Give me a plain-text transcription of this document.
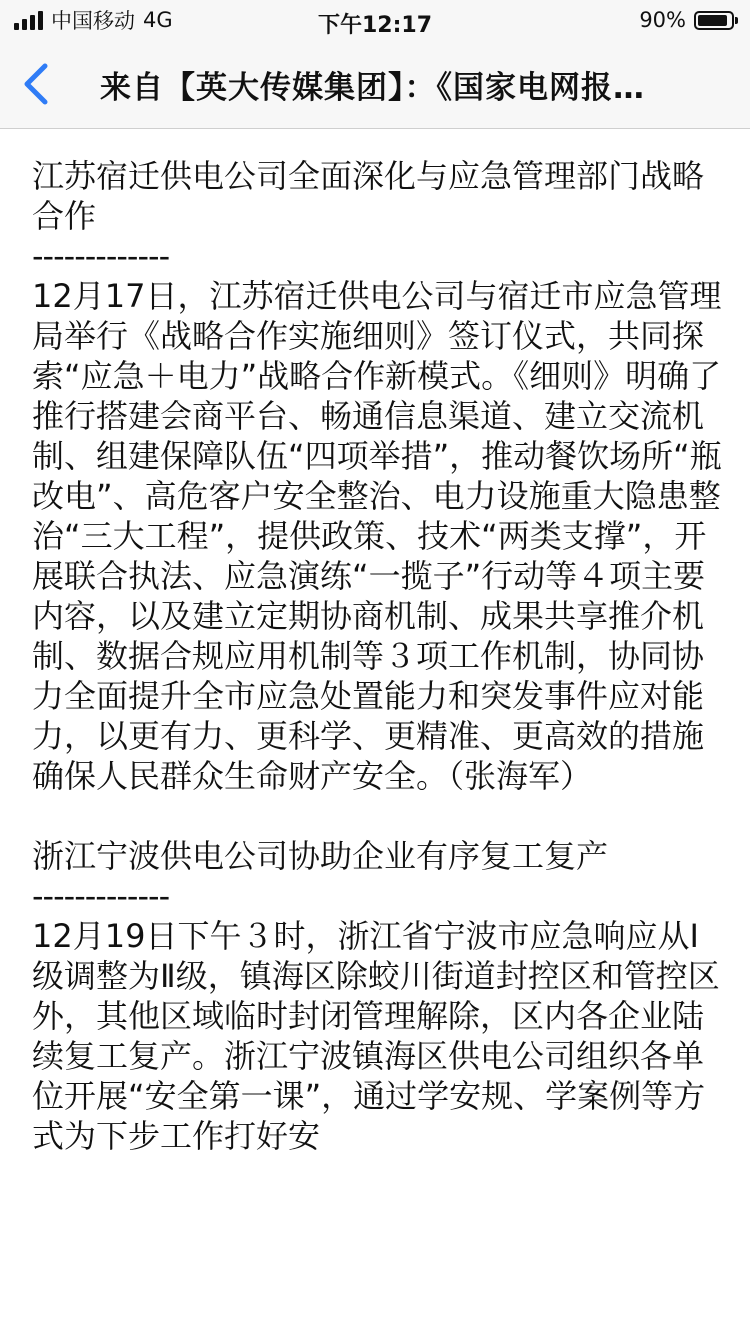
中国移动 4G	下午12:17	90%
来自【英大传媒集团】：《国家电网报…

江苏宿迁供电公司全面深化与应急管理部门战略合作

-------------

12月17日，江苏宿迁供电公司与宿迁市应急管理局举行《战略合作实施细则》签订仪式，共同探索“应急＋电力”战略合作新模式。《细则》明确了推行搭建会商平台、畅通信息渠道、建立交流机制、组建保障队伍“四项举措”，推动餐饮场所“瓶改电”、高危客户安全整治、电力设施重大隐患整治“三大工程”，提供政策、技术“两类支撑”，开展联合执法、应急演练“一揽子”行动等４项主要内容，以及建立定期协商机制、成果共享推介机制、数据合规应用机制等３项工作机制，协同协力全面提升全市应急处置能力和突发事件应对能力，以更有力、更科学、更精准、更高效的措施确保人民群众生命财产安全。（张海军）

浙江宁波供电公司协助企业有序复工复产

-------------

12月19日下午３时，浙江省宁波市应急响应从Ⅰ级调整为Ⅱ级，镇海区除蛟川街道封控区和管控区外，其他区域临时封闭管理解除，区内各企业陆续复工复产。浙江宁波镇海区供电公司组织各单位开展“安全第一课”，通过学安规、学案例等方式为下步工作打好安
